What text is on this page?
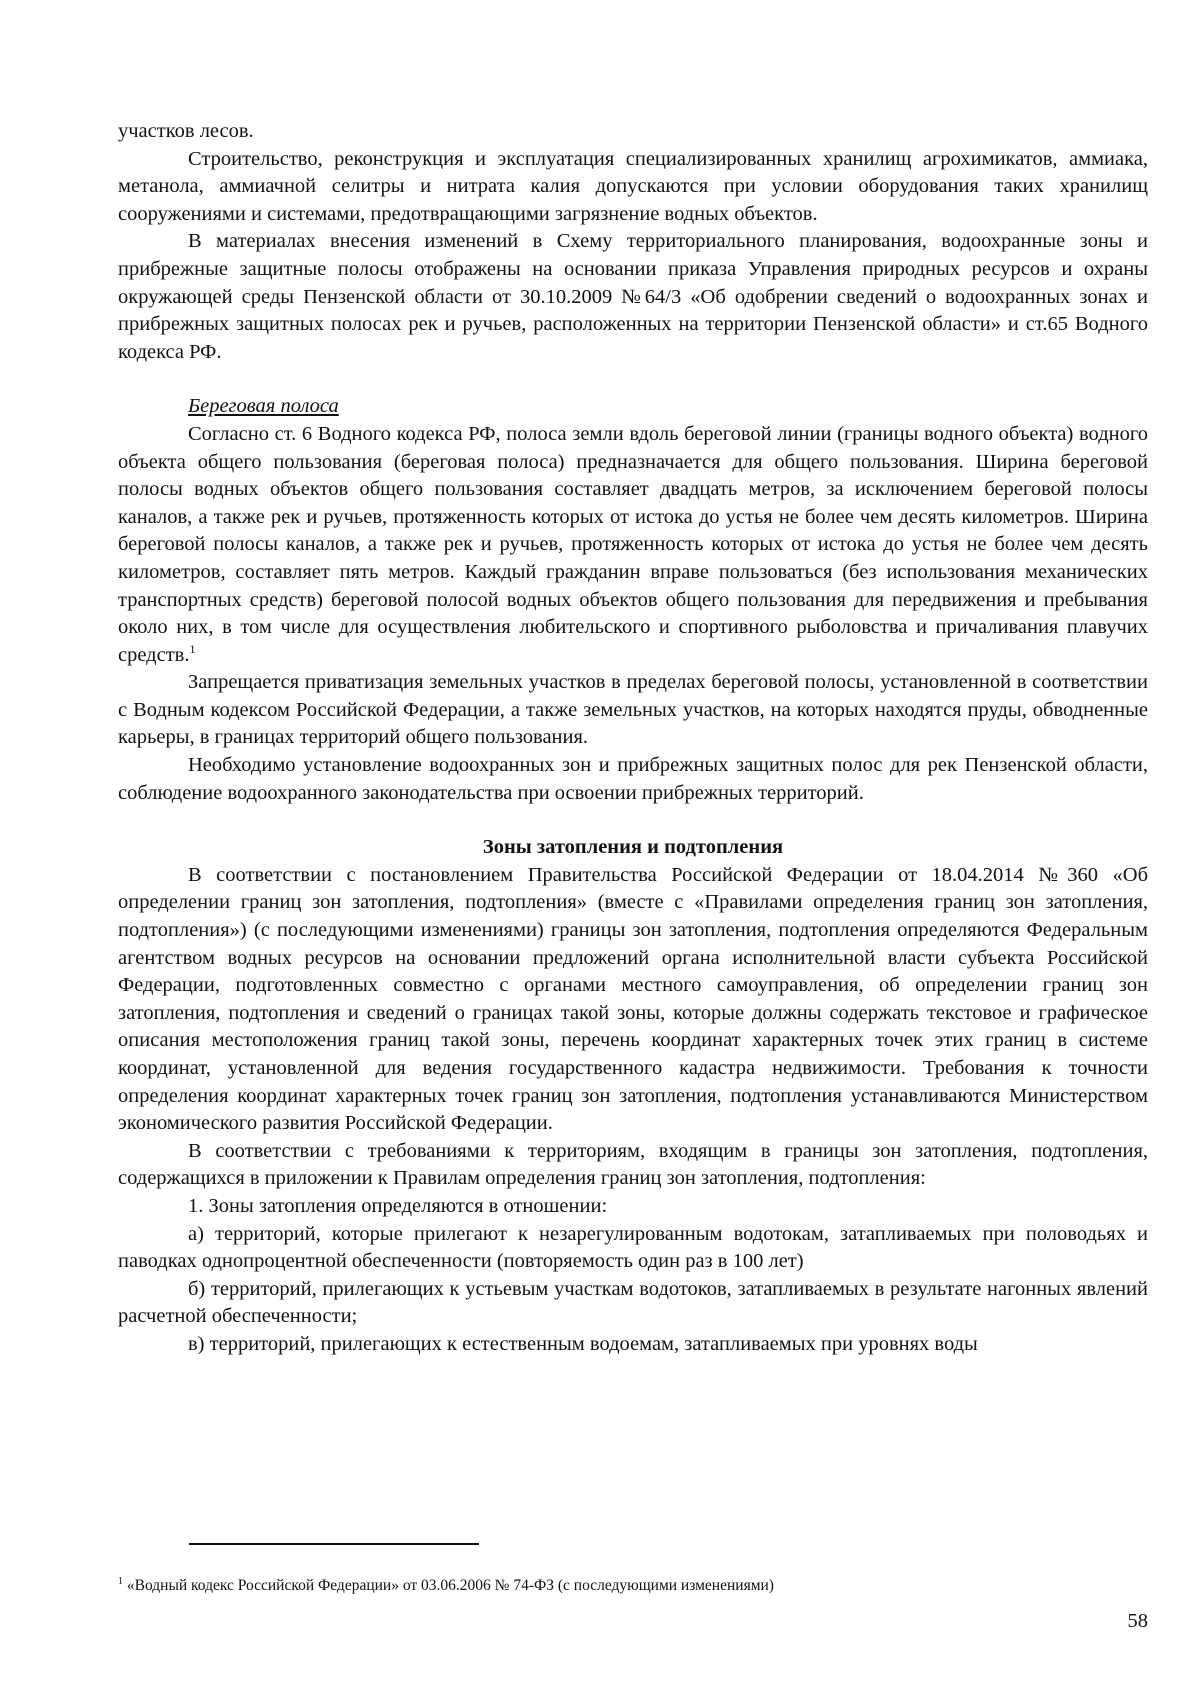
участков лесов.

Строительство, реконструкция и эксплуатация специализированных хранилищ агрохимикатов, аммиака, метанола, аммиачной селитры и нитрата калия допускаются при условии оборудования таких хранилищ сооружениями и системами, предотвращающими загрязнение водных объектов.

В материалах внесения изменений в Схему территориального планирования, водоохранные зоны и прибрежные защитные полосы отображены на основании приказа Управления природных ресурсов и охраны окружающей среды Пензенской области от 30.10.2009 №64/3 «Об одобрении сведений о водоохранных зонах и прибрежных защитных полосах рек и ручьев, расположенных на территории Пензенской области» и ст.65 Водного кодекса РФ.

Береговая полоса

Согласно ст. 6 Водного кодекса РФ, полоса земли вдоль береговой линии (границы водного объекта) водного объекта общего пользования (береговая полоса) предназначается для общего пользования. Ширина береговой полосы водных объектов общего пользования составляет двадцать метров, за исключением береговой полосы каналов, а также рек и ручьев, протяженность которых от истока до устья не более чем десять километров. Ширина береговой полосы каналов, а также рек и ручьев, протяженность которых от истока до устья не более чем десять километров, составляет пять метров. Каждый гражданин вправе пользоваться (без использования механических транспортных средств) береговой полосой водных объектов общего пользования для передвижения и пребывания около них, в том числе для осуществления любительского и спортивного рыболовства и причаливания плавучих средств.$^1$

Запрещается приватизация земельных участков в пределах береговой полосы, установленной в соответствии с Водным кодексом Российской Федерации, а также земельных участков, на которых находятся пруды, обводненные карьеры, в границах территорий общего пользования.

Необходимо установление водоохранных зон и прибрежных защитных полос для рек Пензенской области, соблюдение водоохранного законодательства при освоении прибрежных территорий.

Зоны затопления и подтопления

В соответствии с постановлением Правительства Российской Федерации от 18.04.2014 №360 «Об определении границ зон затопления, подтопления» (вместе с «Правилами определения границ зон затопления, подтопления») (с последующими изменениями) границы зон затопления, подтопления определяются Федеральным агентством водных ресурсов на основании предложений органа исполнительной власти субъекта Российской Федерации, подготовленных совместно с органами местного самоуправления, об определении границ зон затопления, подтопления и сведений о границах такой зоны, которые должны содержать текстовое и графическое описания местоположения границ такой зоны, перечень координат характерных точек этих границ в системе координат, установленной для ведения государственного кадастра недвижимости. Требования к точности определения координат характерных точек границ зон затопления, подтопления устанавливаются Министерством экономического развития Российской Федерации.

В соответствии с требованиями к территориям, входящим в границы зон затопления, подтопления, содержащихся в приложении к Правилам определения границ зон затопления, подтопления:

1. Зоны затопления определяются в отношении:

а) территорий, которые прилегают к незарегулированным водотокам, затапливаемых при половодьях и паводках однопроцентной обеспеченности (повторяемость один раз в 100 лет)

б) территорий, прилегающих к устьевым участкам водотоков, затапливаемых в результате нагонных явлений расчетной обеспеченности;

в) территорий, прилегающих к естественным водоемам, затапливаемых при уровнях воды

$^1$ «Водный кодекс Российской Федерации» от 03.06.2006 № 74-ФЗ (с последующими изменениями)
58
